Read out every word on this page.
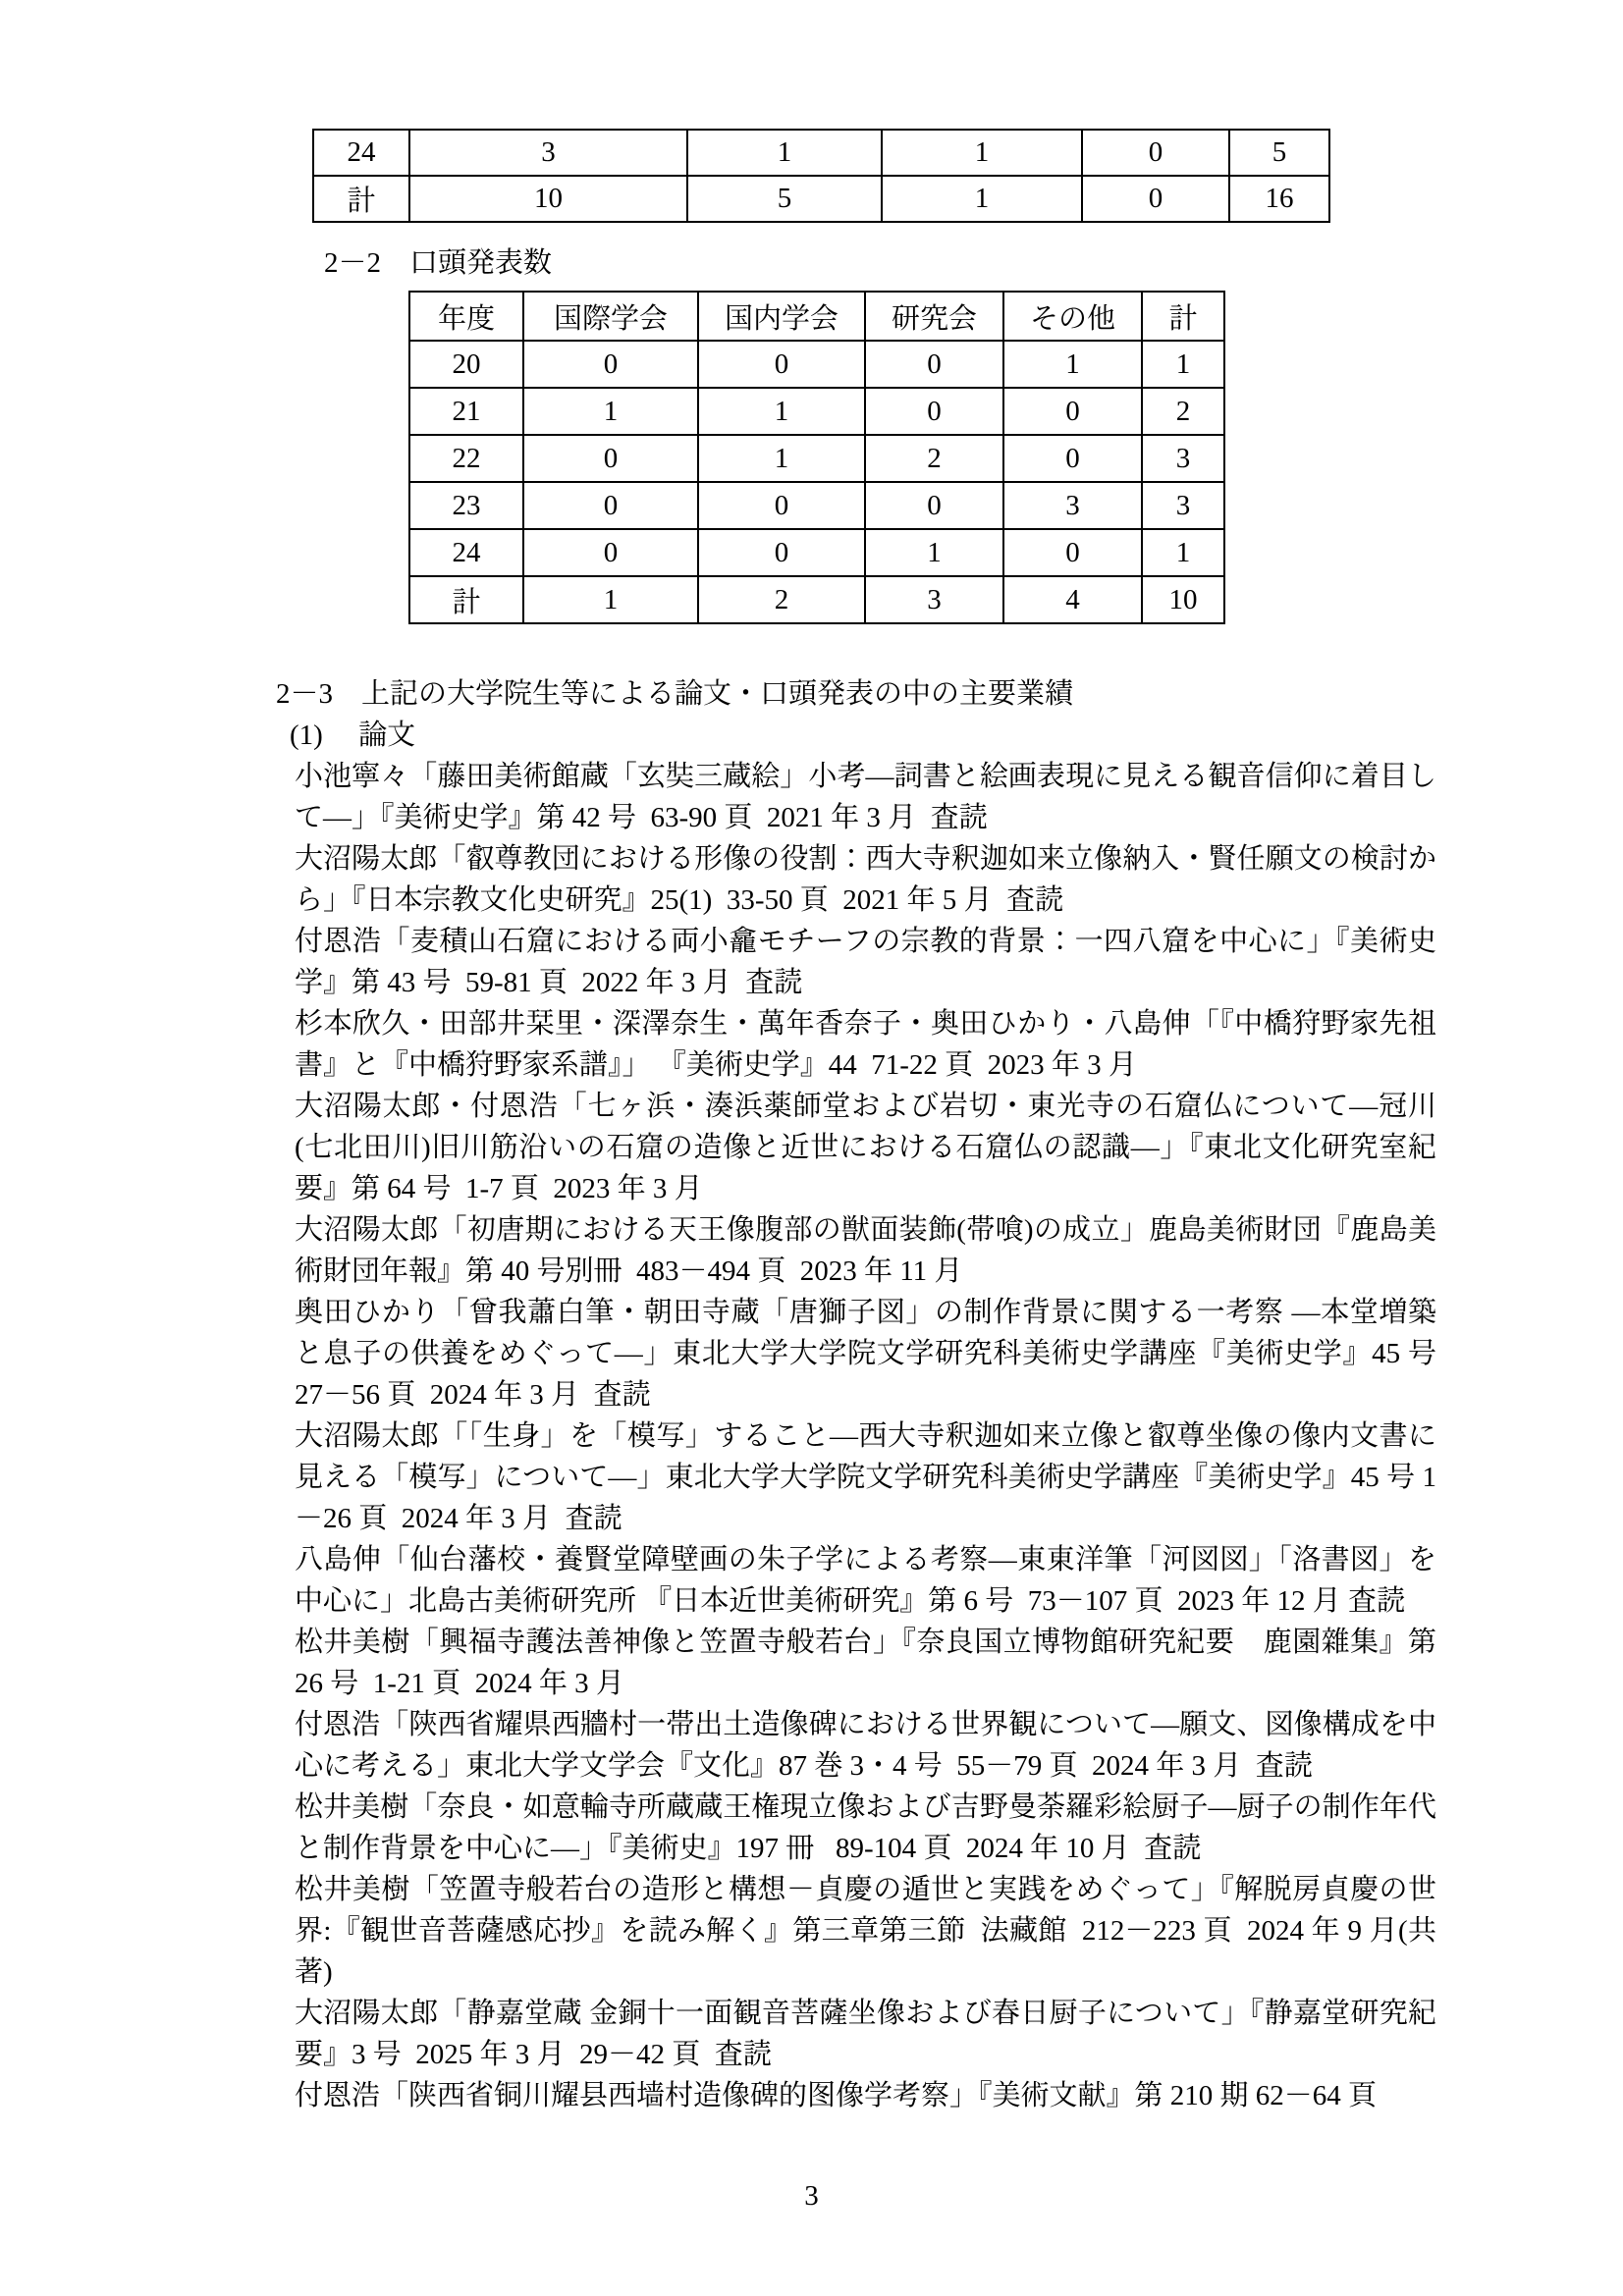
24	3	1	1	0	5
計	10	5	1	0	16
2－2　口頭発表数
年度	国際学会	国内学会	研究会	その他	計
20	0	0	0	1	1
21	1	1	0	0	2
22	0	1	2	0	3
23	0	0	0	3	3
24	0	0	1	0	1
計	1	2	3	4	10
2－3　上記の大学院生等による論文・口頭発表の中の主要業績
(1)　 論文

小池寧々「藤田美術館蔵「玄奘三蔵絵」小考―詞書と絵画表現に見える観音信仰に着目して―」『美術史学』第 42 号  63-90 頁  2021 年 3 月  査読

大沼陽太郎「叡尊教団における形像の役割：西大寺釈迦如来立像納入・賢任願文の検討から」『日本宗教文化史研究』25(1)  33-50 頁  2021 年 5 月  査読

付恩浩「麦積山石窟における両小龕モチーフの宗教的背景：一四八窟を中心に」『美術史学』第 43 号  59-81 頁  2022 年 3 月  査読

杉本欣久・田部井栞里・深澤奈生・萬年香奈子・奥田ひかり・八島伸「『中橋狩野家先祖書』と『中橋狩野家系譜』」 『美術史学』44  71-22 頁  2023 年 3 月

大沼陽太郎・付恩浩「七ヶ浜・湊浜薬師堂および岩切・東光寺の石窟仏について―冠川(七北田川)旧川筋沿いの石窟の造像と近世における石窟仏の認識―」『東北文化研究室紀要』第 64 号  1-7 頁  2023 年 3 月

大沼陽太郎「初唐期における天王像腹部の獣面装飾(帯喰)の成立」鹿島美術財団『鹿島美術財団年報』第 40 号別冊  483－494 頁  2023 年 11 月

奥田ひかり「曾我蕭白筆・朝田寺蔵「唐獅子図」の制作背景に関する一考察 ―本堂増築と息子の供養をめぐって―」東北大学大学院文学研究科美術史学講座『美術史学』45 号  27－56 頁  2024 年 3 月  査読

大沼陽太郎「「生身」を「模写」すること―西大寺釈迦如来立像と叡尊坐像の像内文書に見える「模写」について―」東北大学大学院文学研究科美術史学講座『美術史学』45 号 1－26 頁  2024 年 3 月  査読

八島伸「仙台藩校・養賢堂障壁画の朱子学による考察―東東洋筆「河図図」「洛書図」を中心に」北島古美術研究所 『日本近世美術研究』第 6 号  73－107 頁  2023 年 12 月 査読

松井美樹「興福寺護法善神像と笠置寺般若台」『奈良国立博物館研究紀要　鹿園雜集』第 26 号  1-21 頁  2024 年 3 月

付恩浩「陝西省耀県西牆村一帯出土造像碑における世界観について―願文、図像構成を中心に考える」東北大学文学会『文化』87 巻 3・4 号  55－79 頁  2024 年 3 月  査読

松井美樹「奈良・如意輪寺所蔵蔵王権現立像および吉野曼荼羅彩絵厨子―厨子の制作年代と制作背景を中心に―」『美術史』197 冊   89-104 頁  2024 年 10 月  査読

松井美樹「笠置寺般若台の造形と構想－貞慶の遁世と実践をめぐって」『解脱房貞慶の世界:『観世音菩薩感応抄』を読み解く』第三章第三節  法藏館  212－223 頁  2024 年 9 月(共著)

大沼陽太郎「静嘉堂蔵 金銅十一面観音菩薩坐像および春日厨子について」『静嘉堂研究紀要』3 号  2025 年 3 月  29－42 頁  査読

付恩浩「陕西省铜川耀县西墙村造像碑的图像学考察」『美術文献』第 210 期 62－64 頁

3
